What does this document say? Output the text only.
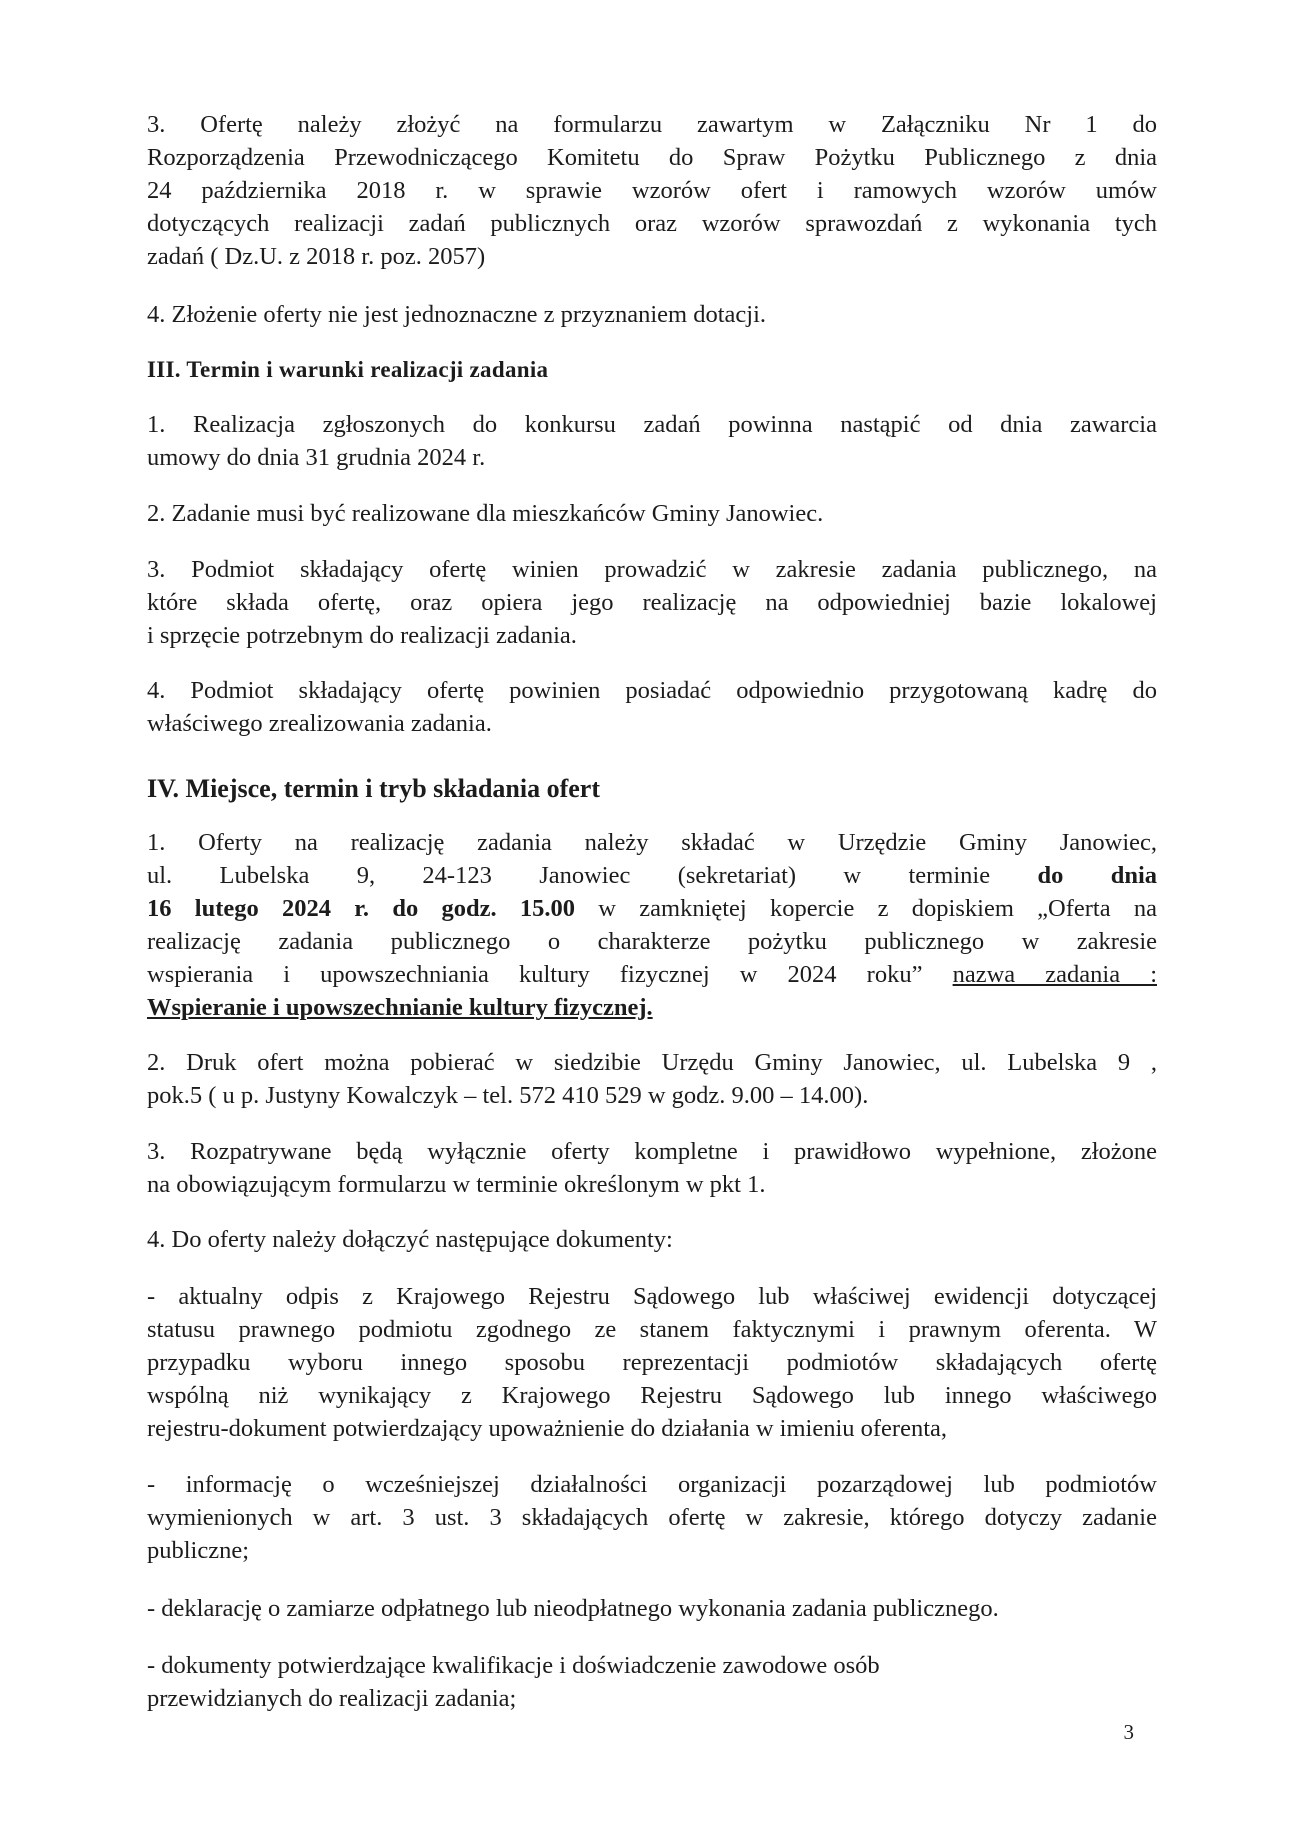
3. Ofertę należy złożyć na formularzu zawartym w Załączniku Nr 1 do

Rozporządzenia Przewodniczącego Komitetu do Spraw Pożytku Publicznego z dnia

24 października 2018 r. w sprawie wzorów ofert i ramowych wzorów umów

dotyczących realizacji zadań publicznych oraz wzorów sprawozdań z wykonania tych

zadań ( Dz.U. z 2018 r. poz. 2057)

4. Złożenie oferty nie jest jednoznaczne z przyznaniem dotacji.

III. Termin i warunki realizacji zadania

1. Realizacja zgłoszonych do konkursu zadań powinna nastąpić od dnia zawarcia

umowy do dnia 31 grudnia 2024 r.

2. Zadanie musi być realizowane dla mieszkańców Gminy Janowiec.

3. Podmiot składający ofertę winien prowadzić w zakresie zadania publicznego, na

które składa ofertę, oraz opiera jego realizację na odpowiedniej bazie lokalowej

i sprzęcie potrzebnym do realizacji zadania.

4. Podmiot składający ofertę powinien posiadać odpowiednio przygotowaną kadrę do

właściwego zrealizowania zadania.

IV. Miejsce, termin i tryb składania ofert

1. Oferty na realizację zadania należy składać w Urzędzie Gminy Janowiec,

ul. Lubelska 9, 24-123 Janowiec (sekretariat) w terminie do dnia

16 lutego 2024 r. do godz. 15.00 w zamkniętej kopercie z dopiskiem „Oferta na

realizację zadania publicznego o charakterze pożytku publicznego w zakresie

wspierania i upowszechniania kultury fizycznej w 2024 roku” nazwa zadania :

Wspieranie i upowszechnianie kultury fizycznej.

2. Druk ofert można pobierać w siedzibie Urzędu Gminy Janowiec, ul. Lubelska 9 ,

pok.5 ( u p. Justyny Kowalczyk – tel. 572 410 529 w godz. 9.00 – 14.00).

3. Rozpatrywane będą wyłącznie oferty kompletne i prawidłowo wypełnione, złożone

na obowiązującym formularzu w terminie określonym w pkt 1.

4. Do oferty należy dołączyć następujące dokumenty:

- aktualny odpis z Krajowego Rejestru Sądowego lub właściwej ewidencji dotyczącej

statusu prawnego podmiotu zgodnego ze stanem faktycznymi i prawnym oferenta. W

przypadku wyboru innego sposobu reprezentacji podmiotów składających ofertę

wspólną niż wynikający z Krajowego Rejestru Sądowego lub innego właściwego

rejestru-dokument potwierdzający upoważnienie do działania w imieniu oferenta,

- informację o wcześniejszej działalności organizacji pozarządowej lub podmiotów

wymienionych w art. 3 ust. 3 składających ofertę w zakresie, którego dotyczy zadanie

publiczne;

- deklarację o zamiarze odpłatnego lub nieodpłatnego wykonania zadania publicznego.

- dokumenty potwierdzające kwalifikacje i doświadczenie zawodowe osób

przewidzianych do realizacji zadania;

3
